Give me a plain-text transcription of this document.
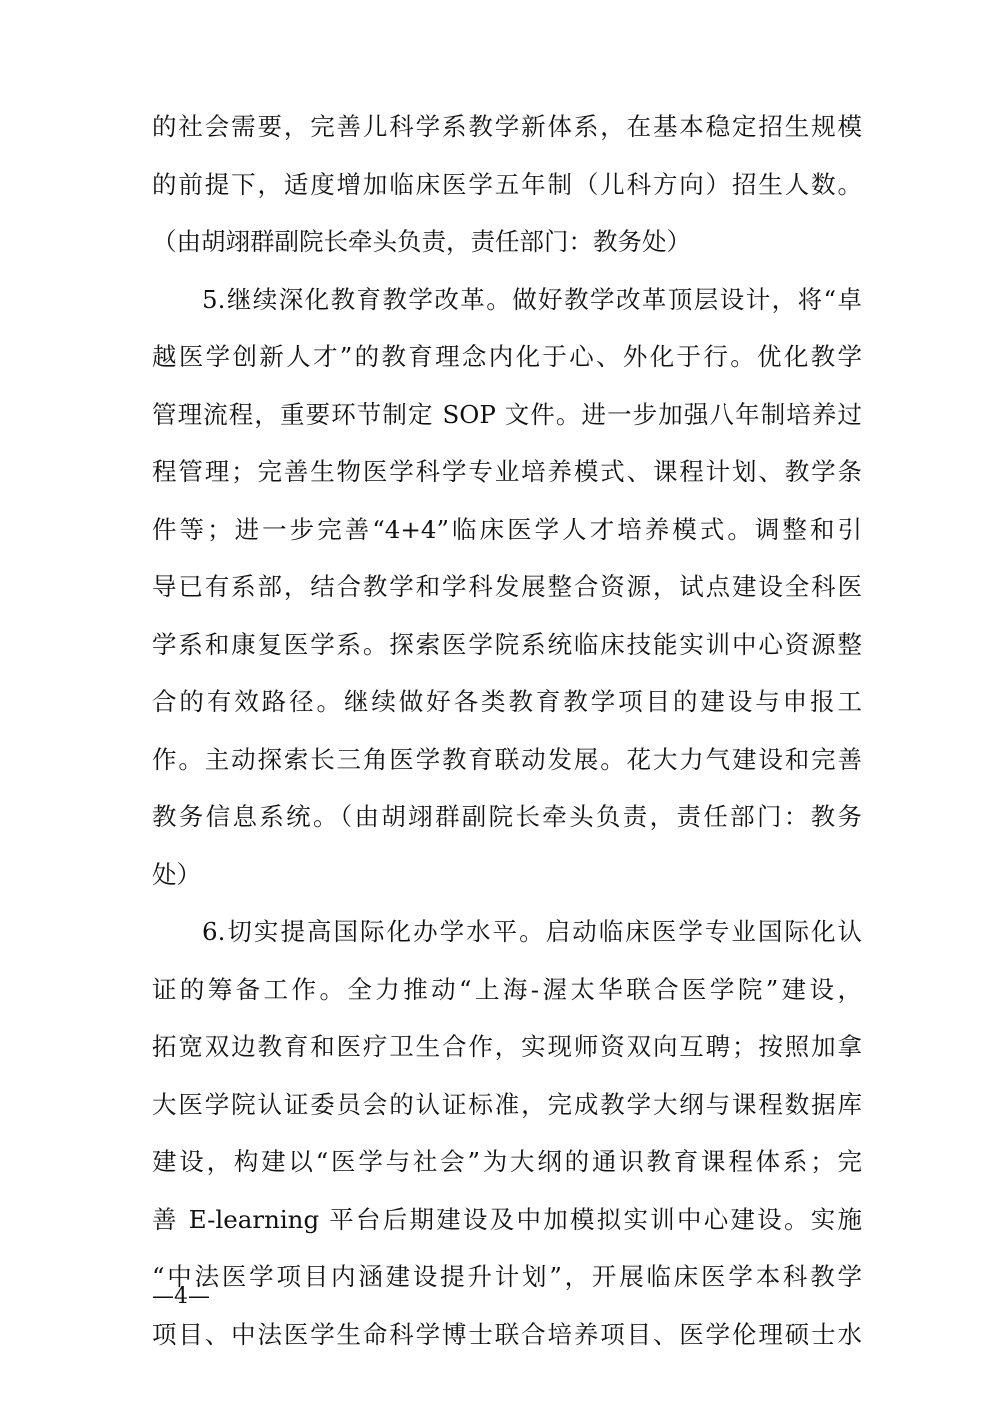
的社会需要，完善儿科学系教学新体系，在基本稳定招生规模
的前提下，适度增加临床医学五年制（儿科方向）招生人数。
（由胡翊群副院长牵头负责，责任部门：教务处）
5.继续深化教育教学改革。做好教学改革顶层设计，将“卓
越医学创新人才”的教育理念内化于心、外化于行。优化教学
管理流程，重要环节制定 SOP 文件。进一步加强八年制培养过
程管理；完善生物医学科学专业培养模式、课程计划、教学条
件等；进一步完善“4+4”临床医学人才培养模式。调整和引
导已有系部，结合教学和学科发展整合资源，试点建设全科医
学系和康复医学系。探索医学院系统临床技能实训中心资源整
合的有效路径。继续做好各类教育教学项目的建设与申报工
作。主动探索长三角医学教育联动发展。花大力气建设和完善
教务信息系统。（由胡翊群副院长牵头负责，责任部门：教务
处）
6.切实提高国际化办学水平。启动临床医学专业国际化认
证的筹备工作。全力推动“上海-渥太华联合医学院”建设，
拓宽双边教育和医疗卫生合作，实现师资双向互聘；按照加拿
大医学院认证委员会的认证标准，完成教学大纲与课程数据库
建设，构建以“医学与社会”为大纲的通识教育课程体系；完
善 E-learning 平台后期建设及中加模拟实训中心建设。实施
“中法医学项目内涵建设提升计划”，开展临床医学本科教学
项目、中法医学生命科学博士联合培养项目、医学伦理硕士水
—4—
